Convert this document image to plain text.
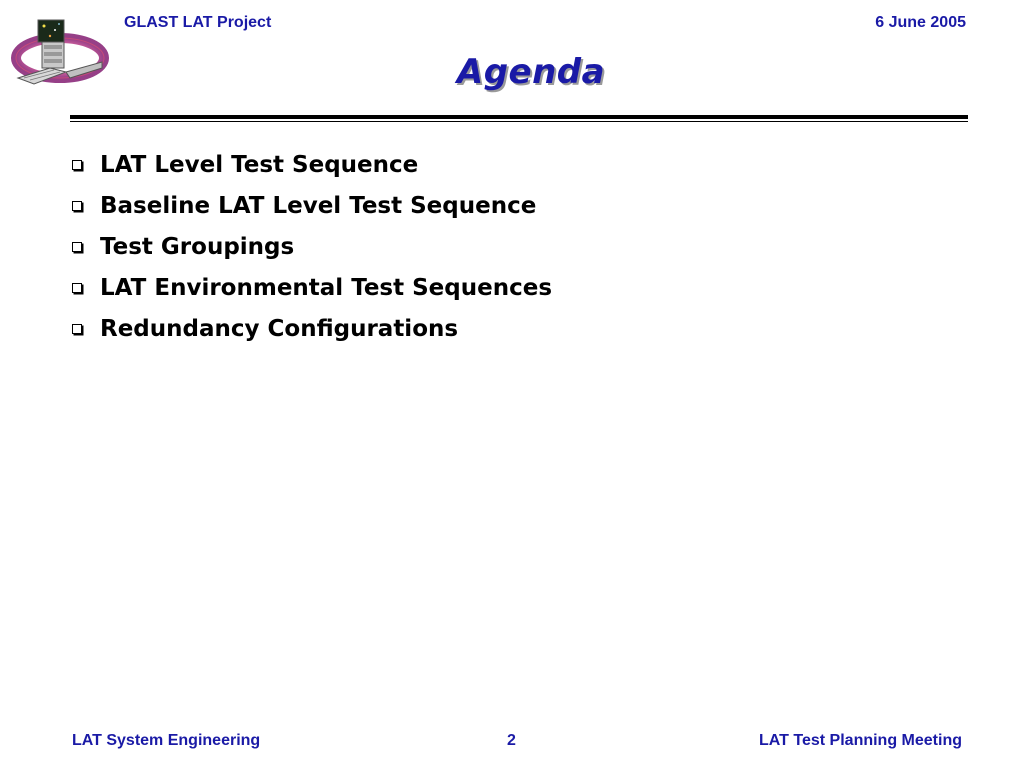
GLAST LAT Project	6 June 2005
Agenda
LAT Level Test Sequence
Baseline LAT Level Test Sequence
Test Groupings
LAT Environmental Test Sequences
Redundancy Configurations
LAT System Engineering	2	LAT Test Planning Meeting
